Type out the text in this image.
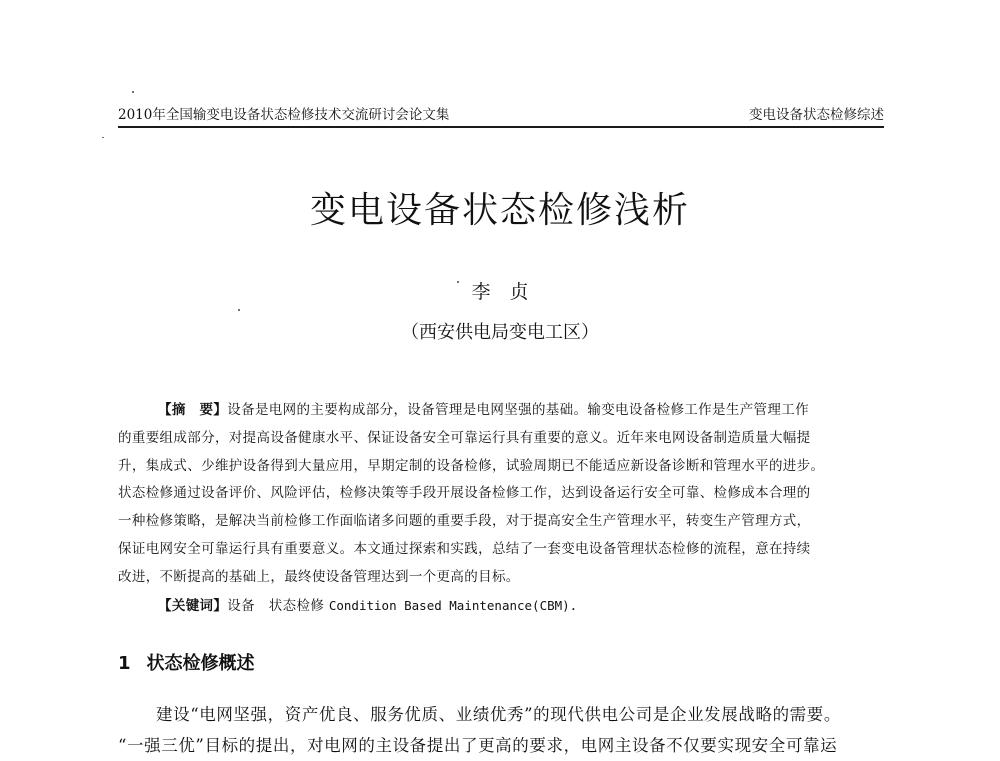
2010年全国输变电设备状态检修技术交流研讨会论文集	变电设备状态检修综述
变电设备状态检修浅析
李　贞
（西安供电局变电工区）
【摘　要】设备是电网的主要构成部分，设备管理是电网坚强的基础。输变电设备检修工作是生产管理工作
的重要组成部分，对提高设备健康水平、保证设备安全可靠运行具有重要的意义。近年来电网设备制造质量大幅提
升，集成式、少维护设备得到大量应用，早期定制的设备检修，试验周期已不能适应新设备诊断和管理水平的进步。
状态检修通过设备评价、风险评估，检修决策等手段开展设备检修工作，达到设备运行安全可靠、检修成本合理的
一种检修策略，是解决当前检修工作面临诸多问题的重要手段，对于提高安全生产管理水平，转变生产管理方式，
保证电网安全可靠运行具有重要意义。本文通过探索和实践，总结了一套变电设备管理状态检修的流程，意在持续
改进，不断提高的基础上，最终使设备管理达到一个更高的目标。
【关键词】设备　状态检修 Condition Based Maintenance(CBM).
1 状态检修概述
建设“电网坚强，资产优良、服务优质、业绩优秀”的现代供电公司是企业发展战略的需要。
“一强三优”目标的提出，对电网的主设备提出了更高的要求，电网主设备不仅要实现安全可靠运
